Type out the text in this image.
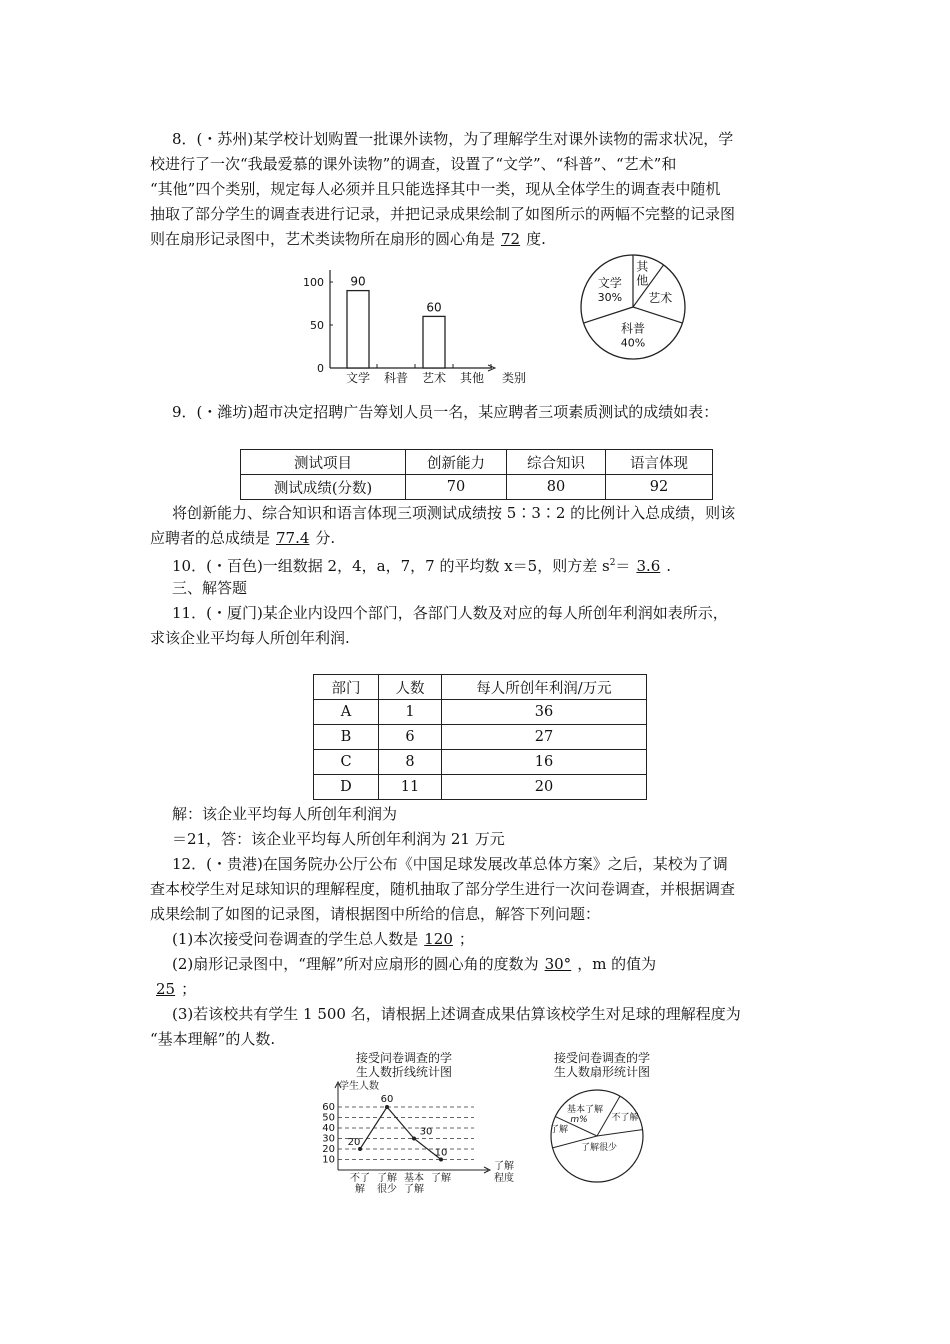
8．(・苏州)某学校计划购置一批课外读物，为了理解学生对课外读物的需求状况，学
校进行了一次“我最爱慕的课外读物”的调查，设置了“文学”、“科普”、“艺术”和
“其他”四个类别，规定每人必须并且只能选择其中一类，现从全体学生的调查表中随机
抽取了部分学生的调查表进行记录，并把记录成果绘制了如图所示的两幅不完整的记录图
则在扇形记录图中，艺术类读物所在扇形的圆心角是 72 度.
0
50
100
文学
90
科普 艺术
60
其他 类别
文学
30%
其
他
艺术
科普
40%
9．(・潍坊)超市决定招聘广告筹划人员一名，某应聘者三项素质测试的成绩如表：
测试项目	创新能力	综合知识	语言体现
测试成绩(分数)	70	80	92
将创新能力、综合知识和语言体现三项测试成绩按 5∶3∶2 的比例计入总成绩，则该
应聘者的总成绩是 77.4 分.
10．(・百色)一组数据 2，4，a，7，7 的平均数 x＝5，则方差 $s^2= 3.6$ .
三、解答题
11．(・厦门)某企业内设四个部门，各部门人数及对应的每人所创年利润如表所示，
求该企业平均每人所创年利润.
部门	人数	每人所创年利润/万元
A	1	36
B	6	27
C	8	16
D	11	20
解：该企业平均每人所创年利润为
＝21，答：该企业平均每人所创年利润为 21 万元
12．(・贵港)在国务院办公厅公布《中国足球发展改革总体方案》之后，某校为了调
查本校学生对足球知识的理解程度，随机抽取了部分学生进行一次问卷调查，并根据调查
成果绘制了如图的记录图，请根据图中所给的信息，解答下列问题：
(1)本次接受问卷调查的学生总人数是 120 ；
(2)扇形记录图中，“理解”所对应扇形的圆心角的度数为 30° ，m 的值为
25 ；
(3)若该校共有学生 1 500 名，请根据上述调查成果估算该校学生对足球的理解程度为
“基本理解”的人数.
接受问卷调查的学
生人数折线统计图
学生人数
10
20
30
40
50
60
20
60
30
10
不了
解
了解
很少
基本
了解
了解
了解
程度
接受问卷调查的学
生人数扇形统计图
基本了解
m%	不了解
了解很少
了解
